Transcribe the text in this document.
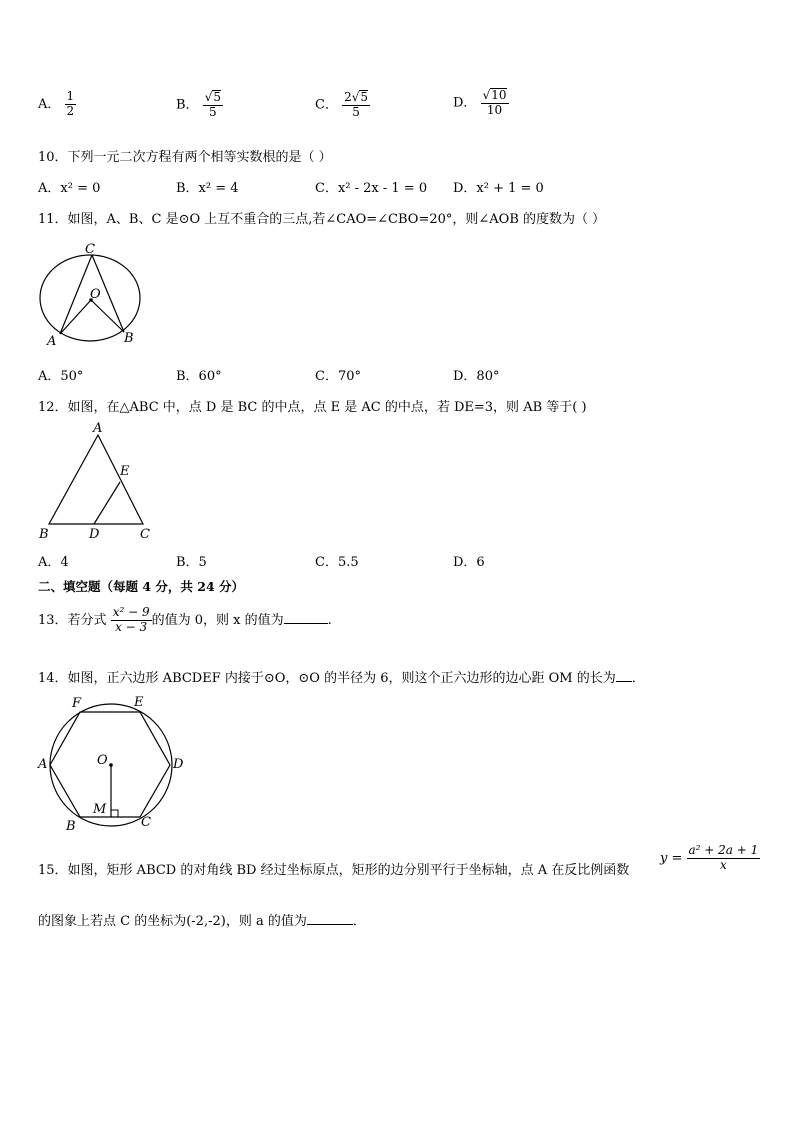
A． $\frac{1}{2}$	B． $\frac{√5}{5}$	C． $\frac{2√5}{5}$	D． $\frac{√10}{10}$
10．下列一元二次方程有两个相等实数根的是（ ）
A．x² = 0	B．x² = 4	C．x² - 2x - 1 = 0 D．x² + 1 = 0
11．如图，A、B、C 是⊙O 上互不重合的三点,若∠CAO=∠CBO=20°，则∠AOB 的度数为（ ）
C
O
A	B
A．50°	B．60°	C．70°	D．80°
12．如图，在△ABC 中，点 D 是 BC 的中点，点 E 是 AC 的中点，若 DE=3，则 AB 等于( )
A
E
B	D	C
A．4	B．5	C．5.5	D．6
二、填空题（每题 4 分，共 24 分）
13．若分式 $\frac{\text{x² − 9}}{x - 3}$ 的值为 0，则 x 的值为	.
14．如图，正六边形 ABCDEF 内接于⊙O，⊙O 的半径为 6，则这个正六边形的边心距 OM 的长为 ．
F	E
A	D
O
M
B	C
15．如图，矩形 ABCD 的对角线 BD 经过坐标原点，矩形的边分别平行于坐标轴，点 A 在反比例函数
$y = \frac{\text{a² + 2a + 1}}{x}$
的图象上若点 C 的坐标为(-2,-2)，则 a 的值为	．
